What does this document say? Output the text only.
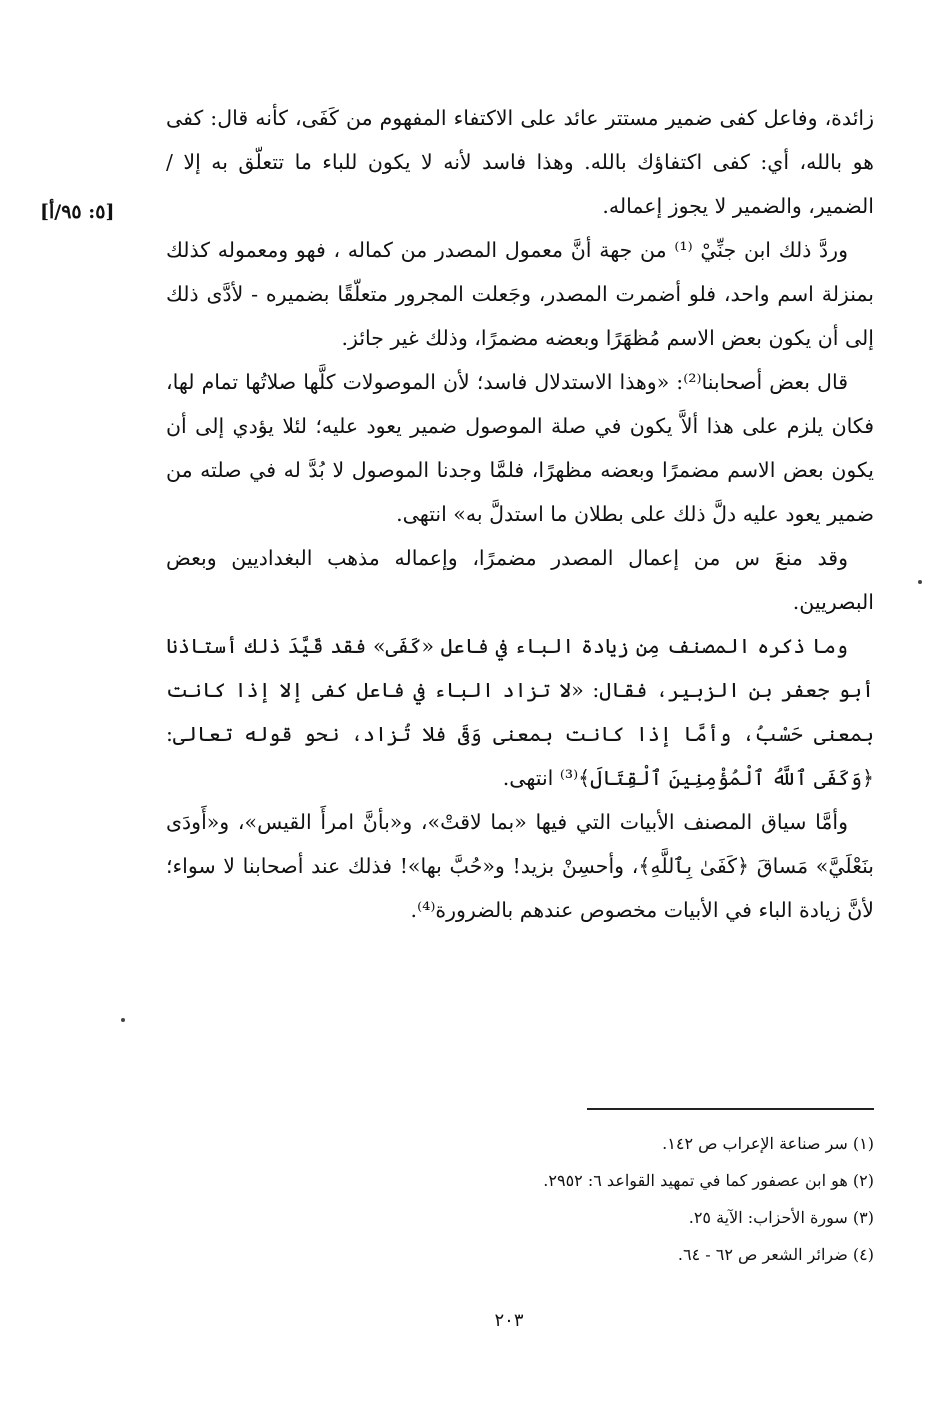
[٥: ٩٥/أ]

زائدة، وفاعل كفى ضمير مستتر عائد على الاكتفاء المفهوم من كَفَى، كأنه قال: كفى هو بالله، أي: كفى اكتفاؤك بالله. وهذا فاسد لأنه لا يكون للباء ما تتعلّق به إلا /الضمير، والضمير لا يجوز إعماله.

وردَّ ذلك ابن جنِّيْ ⁽¹⁾ من جهة أنَّ معمول المصدر من كماله ، فهو ومعموله كذلك بمنزلة اسم واحد، فلو أضمرت المصدر، وجَعلت المجرور متعلّقًا بضميره - لأدَّى ذلك إلى أن يكون بعض الاسم مُظهَرًا وبعضه مضمرًا، وذلك غير جائز.

قال بعض أصحابنا⁽²⁾: «وهذا الاستدلال فاسد؛ لأن الموصولات كلَّها صلاتُها تمام لها، فكان يلزم على هذا ألاَّ يكون في صلة الموصول ضمير يعود عليه؛ لئلا يؤدي إلى أن يكون بعض الاسم مضمرًا وبعضه مظهرًا، فلمَّا وجدنا الموصول لا بُدَّ له في صلته من ضمير يعود عليه دلَّ ذلك على بطلان ما استدلَّ به» انتهى.

وقد منعَ س من إعمال المصدر مضمرًا، وإعماله مذهب البغداديين وبعض البصريين.

وما ذكره المصنف مِن زيادة الباء في فاعل «كَفَى» فقد قَيَّدَ ذلك أستاذنا أبو جعفر بن الزبير، فقال: «لا تزاد الباء في فاعل كفى إلا إذا كانت بمعنى حَسْبُ، وأمَّا إذا كانت بمعنى وَقَى فلا تُزاد، نحو قوله تعالى: ﴿وَكَفَى ٱللَّهُ ٱلْمُؤْمِنِينَ ٱلْقِتَالَ﴾⁽³⁾ انتهى.

وأمَّا سياق المصنف الأبيات التي فيها «بما لاقتْ»، و«بأنَّ امرأَ القيس»، و«أَودَى بنَعْلَيَّ» مَساقَ ﴿كَفَىٰ بِٱللَّهِ﴾، وأحسِنْ بزيد! و«حُبَّ بها»! فذلك عند أصحابنا لا سواء؛ لأنَّ زيادة الباء في الأبيات مخصوص عندهم بالضرورة⁽⁴⁾.

(١) سر صناعة الإعراب ص ١٤٢.
(٢) هو ابن عصفور كما في تمهيد القواعد ٦: ٢٩٥٢.
(٣) سورة الأحزاب: الآية ٢٥.
(٤) ضرائر الشعر ص ٦٢ - ٦٤.
٢٠٣
